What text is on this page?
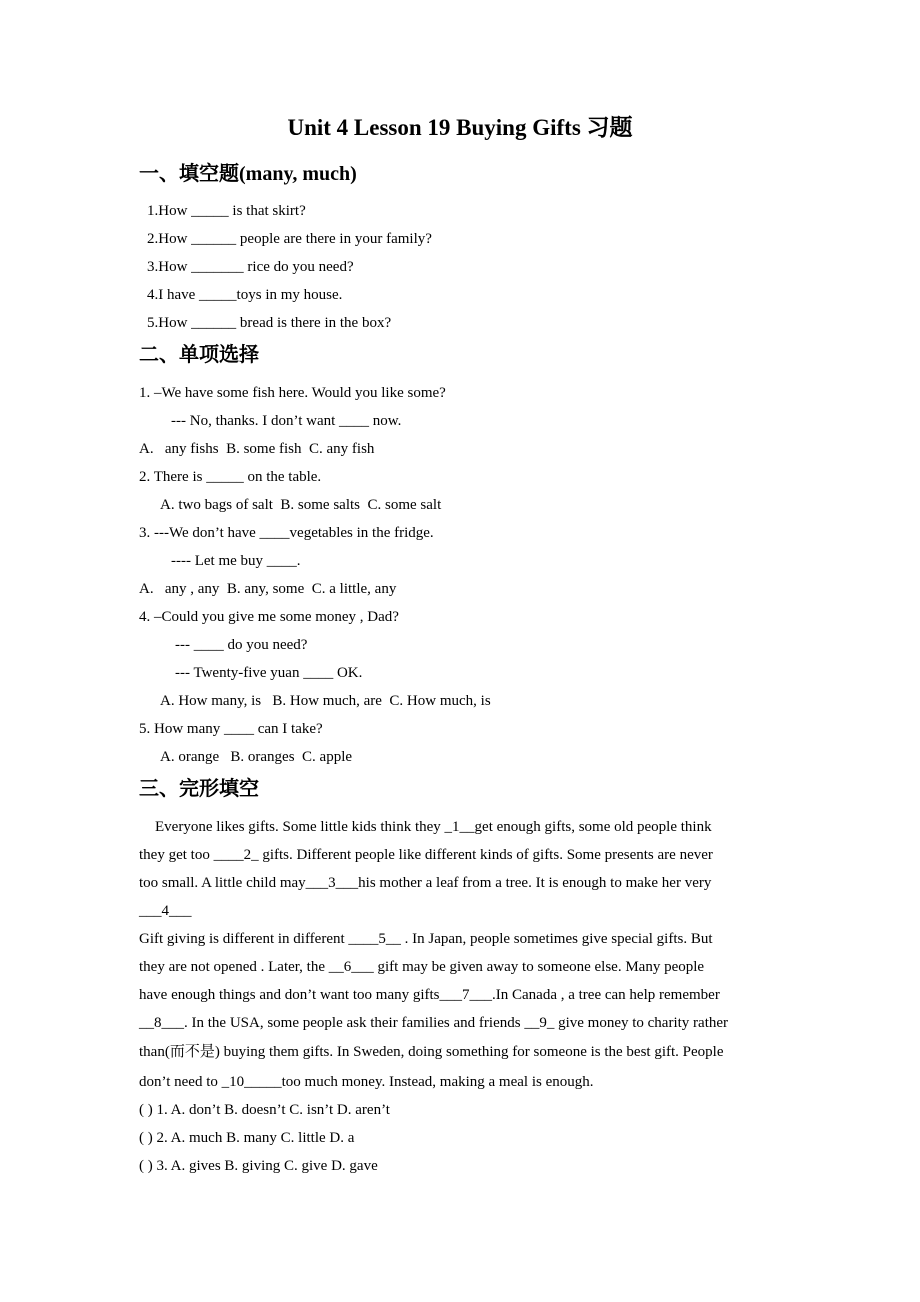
Unit 4 Lesson 19 Buying Gifts 习题
一、填空题(many, much)
1.How _____ is that skirt?
2.How ______ people are there in your family?
3.How _______ rice do you need?
4.I have _____toys in my house.
5.How ______ bread is there in the box?
二、单项选择
1. –We have some fish here. Would you like some?
--- No, thanks. I don’t want ____ now.
A.   any fishs  B. some fish  C. any fish
2. There is _____ on the table.
A. two bags of salt  B. some salts  C. some salt
3. ---We don’t have ____vegetables in the fridge.
---- Let me buy ____.
A.   any , any  B. any, some  C. a little, any
4. –Could you give me some money , Dad?
--- ____ do you need?
--- Twenty-five yuan ____ OK.
A. How many, is   B. How much, are  C. How much, is
5. How many ____ can I take?
A. orange   B. oranges  C. apple
三、完形填空
Everyone likes gifts. Some little kids think they _1__get enough gifts, some old people think
they get too ____2_ gifts. Different people like different kinds of gifts. Some presents are never
too small. A little child may___3___his mother a leaf from a tree. It is enough to make her very
___4___
Gift giving is different in different ____5__ . In Japan, people sometimes give special gifts. But
they are not opened . Later, the __6___ gift may be given away to someone else. Many people
have enough things and don’t want too many gifts___7___.In Canada , a tree can help remember
__8___. In the USA, some people ask their families and friends __9_ give money to charity rather
than(而不是) buying them gifts. In Sweden, doing something for someone is the best gift. People
don’t need to _10_____too much money. Instead, making a meal is enough.
( ) 1. A. don’t B. doesn’t C. isn’t D. aren’t
( ) 2. A. much B. many C. little D. a
( ) 3. A. gives B. giving C. give D. gave
